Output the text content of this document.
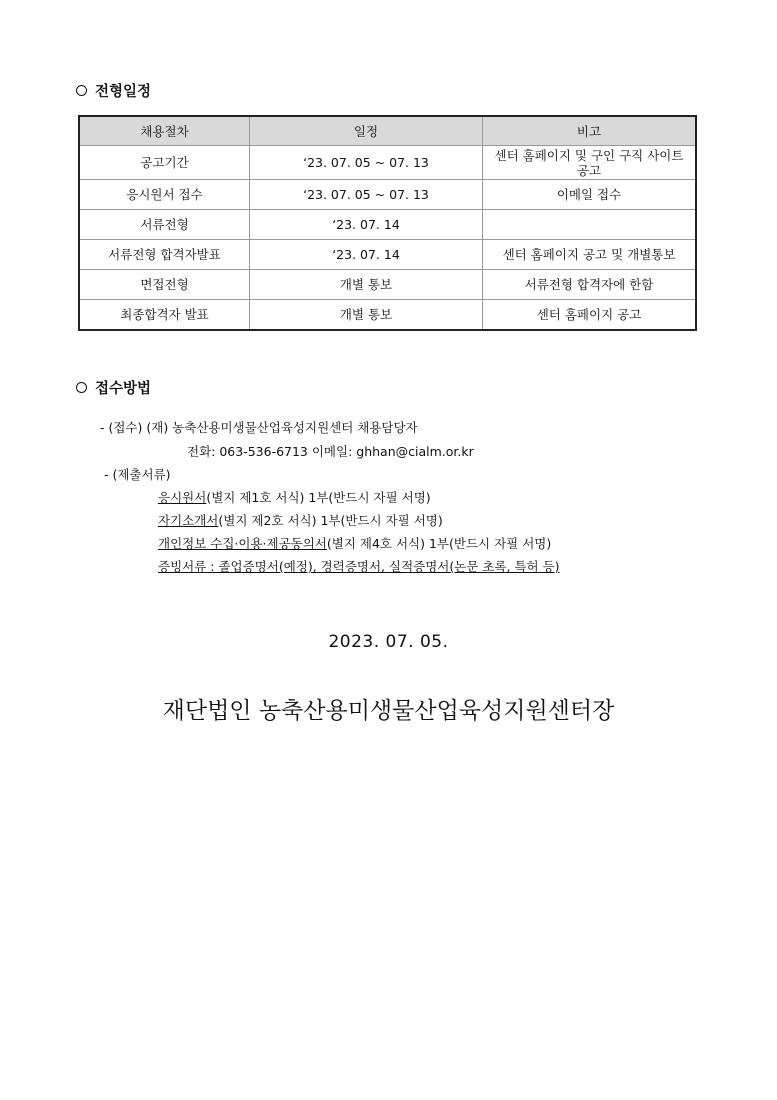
전형일정
채용절차	일정	비고
공고기간	‘23. 07. 05 ~ 07. 13	센터 홈페이지 및 구인 구직 사이트 공고
응시원서 접수	‘23. 07. 05 ~ 07. 13	이메일 접수
서류전형	‘23. 07. 14	
서류전형 합격자발표	‘23. 07. 14	센터 홈페이지 공고 및 개별통보
면접전형	개별 통보	서류전형 합격자에 한함
최종합격자 발표	개별 통보	센터 홈페이지 공고
접수방법
- (접수) (재) 농축산용미생물산업육성지원센터 채용담당자
전화: 063-536-6713 이메일: ghhan@cialm.or.kr
- (제출서류)
응시원서(별지 제1호 서식) 1부(반드시 자필 서명)
자기소개서(별지 제2호 서식) 1부(반드시 자필 서명)
개인정보 수집·이용·제공동의서(별지 제4호 서식) 1부(반드시 자필 서명)
증빙서류 : 졸업증명서(예정), 경력증명서, 실적증명서(논문 초록, 특허 등)
2023. 07. 05.
재단법인 농축산용미생물산업육성지원센터장
